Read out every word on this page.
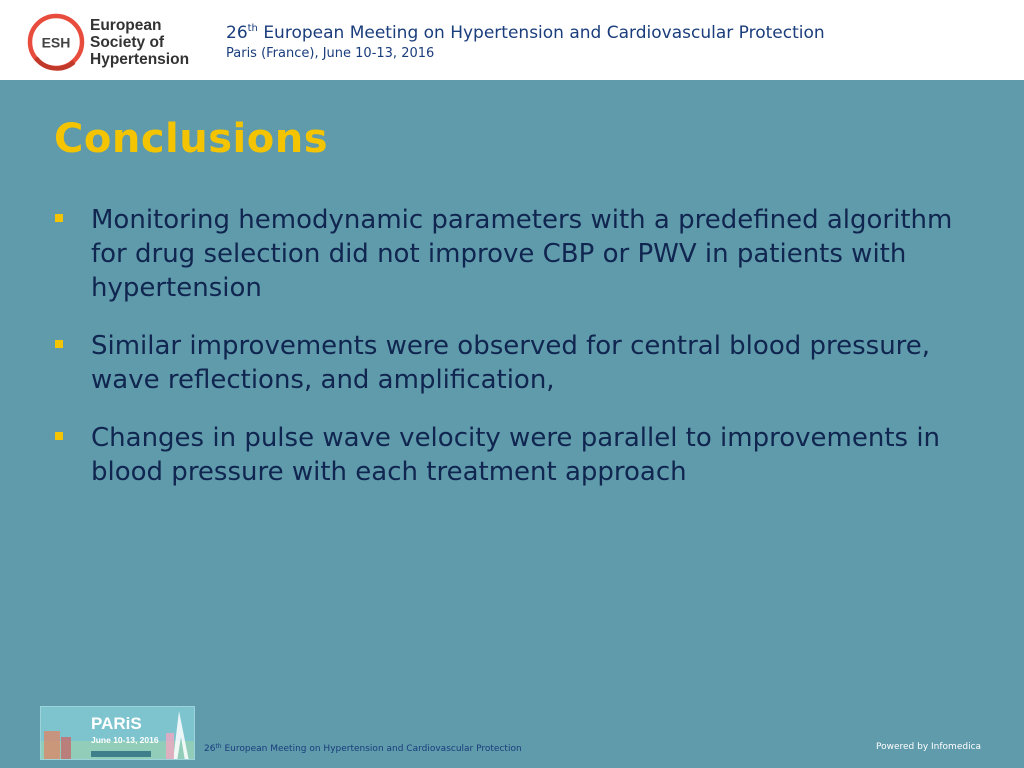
ESH
European
Society of
Hypertension
26th European Meeting on Hypertension and Cardiovascular Protection
Paris (France), June 10-13, 2016
Conclusions
Monitoring hemodynamic parameters with a predefined algorithm for drug selection did not improve CBP or PWV in patients with hypertension
Similar improvements were observed for central blood pressure, wave reflections, and amplification,
Changes in pulse wave velocity were parallel to improvements in blood pressure with each treatment approach
PARiS
June 10-13, 2016
26th European Meeting on Hypertension and Cardiovascular Protection	Powered by Infomedica
